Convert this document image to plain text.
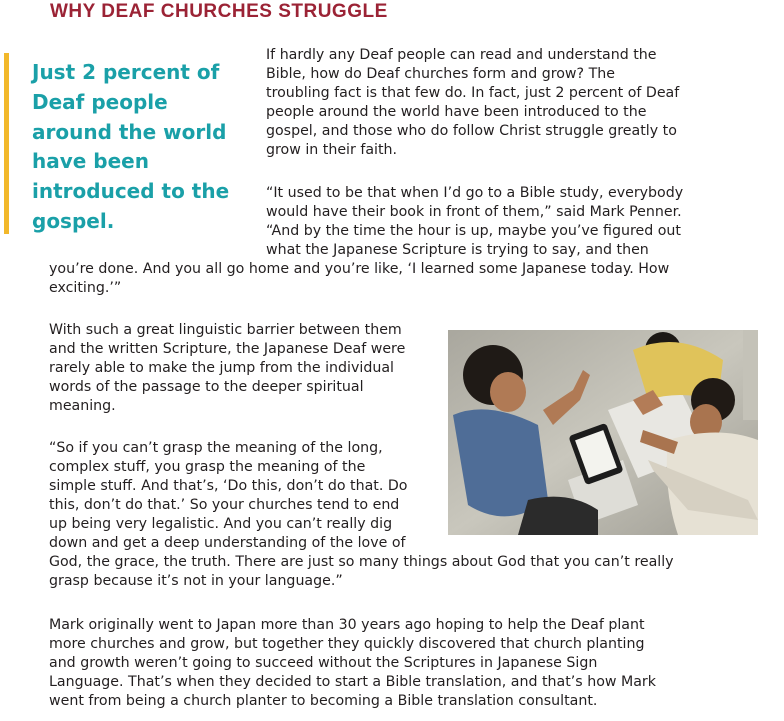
WHY DEAF CHURCHES STRUGGLE
Just 2 percent of
Deaf people
around the world
have been
introduced to the
gospel.
If hardly any Deaf people can read and understand the
Bible, how do Deaf churches form and grow? The
troubling fact is that few do. In fact, just 2 percent of Deaf
people around the world have been introduced to the
gospel, and those who do follow Christ struggle greatly to
grow in their faith.
“It used to be that when I’d go to a Bible study, everybody
would have their book in front of them,” said Mark Penner.
“And by the time the hour is up, maybe you’ve figured out
what the Japanese Scripture is trying to say, and then
you’re done. And you all go home and you’re like, ‘I learned some Japanese today. How
exciting.’”
With such a great linguistic barrier between them
and the written Scripture, the Japanese Deaf were
rarely able to make the jump from the individual
words of the passage to the deeper spiritual
meaning.
“So if you can’t grasp the meaning of the long,
complex stuff, you grasp the meaning of the
simple stuff. And that’s, ‘Do this, don’t do that. Do
this, don’t do that.’ So your churches tend to end
up being very legalistic. And you can’t really dig
down and get a deep understanding of the love of
God, the grace, the truth. There are just so many things about God that you can’t really
grasp because it’s not in your language.”
Mark originally went to Japan more than 30 years ago hoping to help the Deaf plant
more churches and grow, but together they quickly discovered that church planting
and growth weren’t going to succeed without the Scriptures in Japanese Sign
Language. That’s when they decided to start a Bible translation, and that’s how Mark
went from being a church planter to becoming a Bible translation consultant.
